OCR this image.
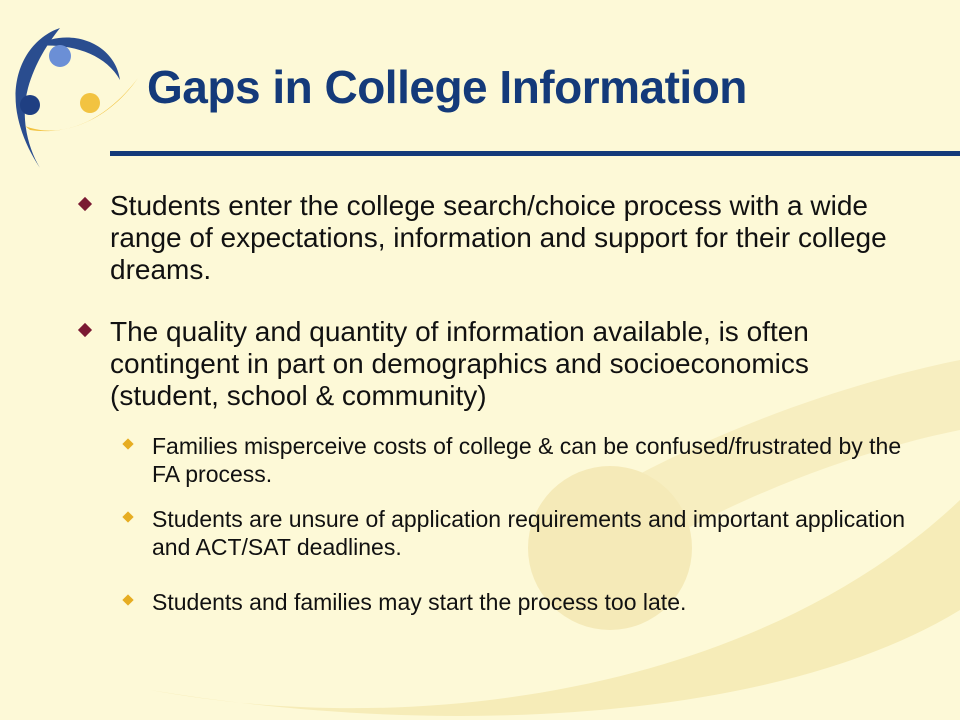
Gaps in College Information
Students enter the college search/choice process with a wide range of expectations, information and support for their college dreams.
The quality and quantity of information available, is often contingent in part on demographics and socioeconomics (student, school & community)
Families misperceive costs of college & can be confused/frustrated by the FA process.
Students are unsure of application requirements and important application and ACT/SAT deadlines.
Students and families may start the process too late.
